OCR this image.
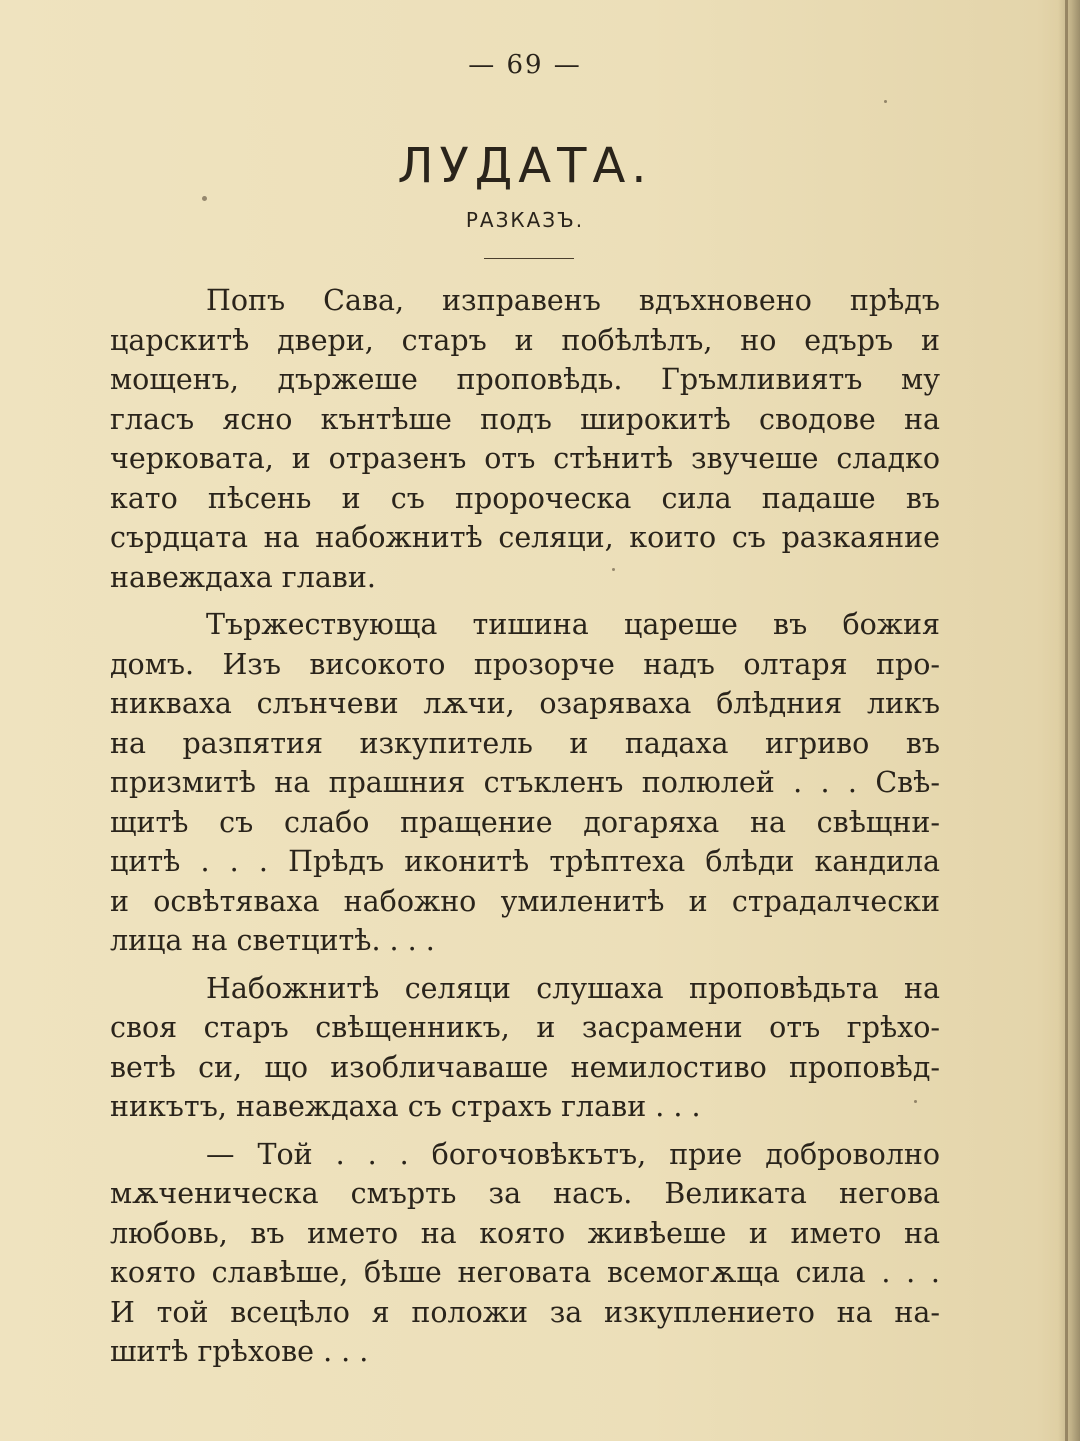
— 69 —
ЛУДАТА.
РАЗКАЗЪ.
Попъ Сава, изправенъ вдъхновено прѣдъ
царскитѣ двери, старъ и побѣлѣлъ, но едъръ и
мощенъ, държеше проповѣдь. Гръмливиятъ му
гласъ ясно кънтѣше подъ широкитѣ сводове на
черковата, и отразенъ отъ стѣнитѣ звучеше сладко
като пѣсень и съ пророческа сила падаше въ
сърдцата на набожнитѣ селяци, които съ разкаяние
навеждаха глави.
Тържествующа тишина цареше въ божия
домъ. Изъ високото прозорче надъ олтаря про-
никваха слънчеви лѫчи, озаряваха блѣдния ликъ
на разпятия изкупитель и падаха игриво въ
призмитѣ на прашния стъкленъ полюлей . . . Свѣ-
щитѣ съ слабо пращение догаряха на свѣщни-
цитѣ . . . Прѣдъ иконитѣ трѣптеха блѣди кандила
и освѣтяваха набожно умиленитѣ и страдалчески
лица на светцитѣ. . . .
Набожнитѣ селяци слушаха проповѣдьта на
своя старъ свѣщенникъ, и засрамени отъ грѣхо-
ветѣ си, що изобличаваше немилостиво проповѣд-
никътъ, навеждаха съ страхъ глави . . .
— Той . . . богочовѣкътъ, прие доброволно
мѫченическа смърть за насъ. Великата негова
любовь, въ името на която живѣеше и името на
която славѣше, бѣше неговата всемогѫща сила . . .
И той всецѣло я положи за изкуплението на на-
шитѣ грѣхове . . .
